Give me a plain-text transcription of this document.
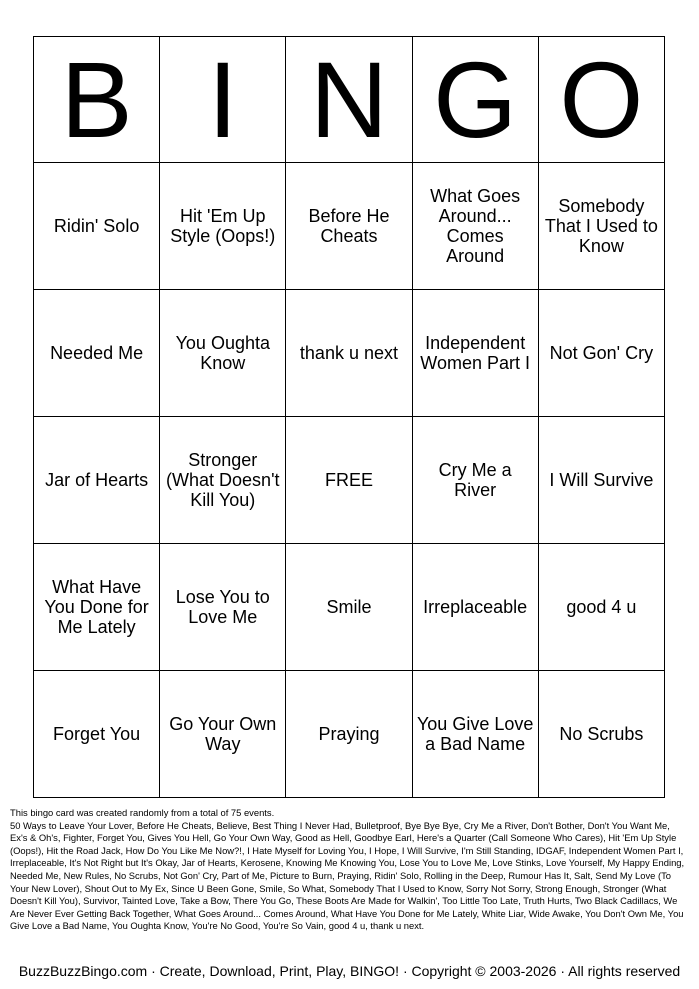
B	I	N	G	O
Ridin' Solo	Hit 'Em Up Style (Oops!)	Before He Cheats	What Goes Around... Comes Around	Somebody That I Used to Know
Needed Me	You Oughta Know	thank u next	Independent Women Part I	Not Gon' Cry
Jar of Hearts	Stronger (What Doesn't Kill You)	FREE	Cry Me a River	I Will Survive
What Have You Done for Me Lately	Lose You to Love Me	Smile	Irreplaceable	good 4 u
Forget You	Go Your Own Way	Praying	You Give Love a Bad Name	No Scrubs

This bingo card was created randomly from a total of 75 events.

50 Ways to Leave Your Lover, Before He Cheats, Believe, Best Thing I Never Had, Bulletproof, Bye Bye Bye, Cry Me a River, Don't Bother, Don't You Want Me, Ex's & Oh's, Fighter, Forget You, Gives You Hell, Go Your Own Way, Good as Hell, Goodbye Earl, Here's a Quarter (Call Someone Who Cares), Hit 'Em Up Style (Oops!), Hit the Road Jack, How Do You Like Me Now?!, I Hate Myself for Loving You, I Hope, I Will Survive, I'm Still Standing, IDGAF, Independent Women Part I, Irreplaceable, It's Not Right but It's Okay, Jar of Hearts, Kerosene, Knowing Me Knowing You, Lose You to Love Me, Love Stinks, Love Yourself, My Happy Ending, Needed Me, New Rules, No Scrubs, Not Gon' Cry, Part of Me, Picture to Burn, Praying, Ridin' Solo, Rolling in the Deep, Rumour Has It, Salt, Send My Love (To Your New Lover), Shout Out to My Ex, Since U Been Gone, Smile, So What, Somebody That I Used to Know, Sorry Not Sorry, Strong Enough, Stronger (What Doesn't Kill You), Survivor, Tainted Love, Take a Bow, There You Go, These Boots Are Made for Walkin', Too Little Too Late, Truth Hurts, Two Black Cadillacs, We Are Never Ever Getting Back Together, What Goes Around... Comes Around, What Have You Done for Me Lately, White Liar, Wide Awake, You Don't Own Me, You Give Love a Bad Name, You Oughta Know, You're No Good, You're So Vain, good 4 u, thank u next.

BuzzBuzzBingo.com · Create, Download, Print, Play, BINGO! · Copyright © 2003-2026 · All rights reserved
